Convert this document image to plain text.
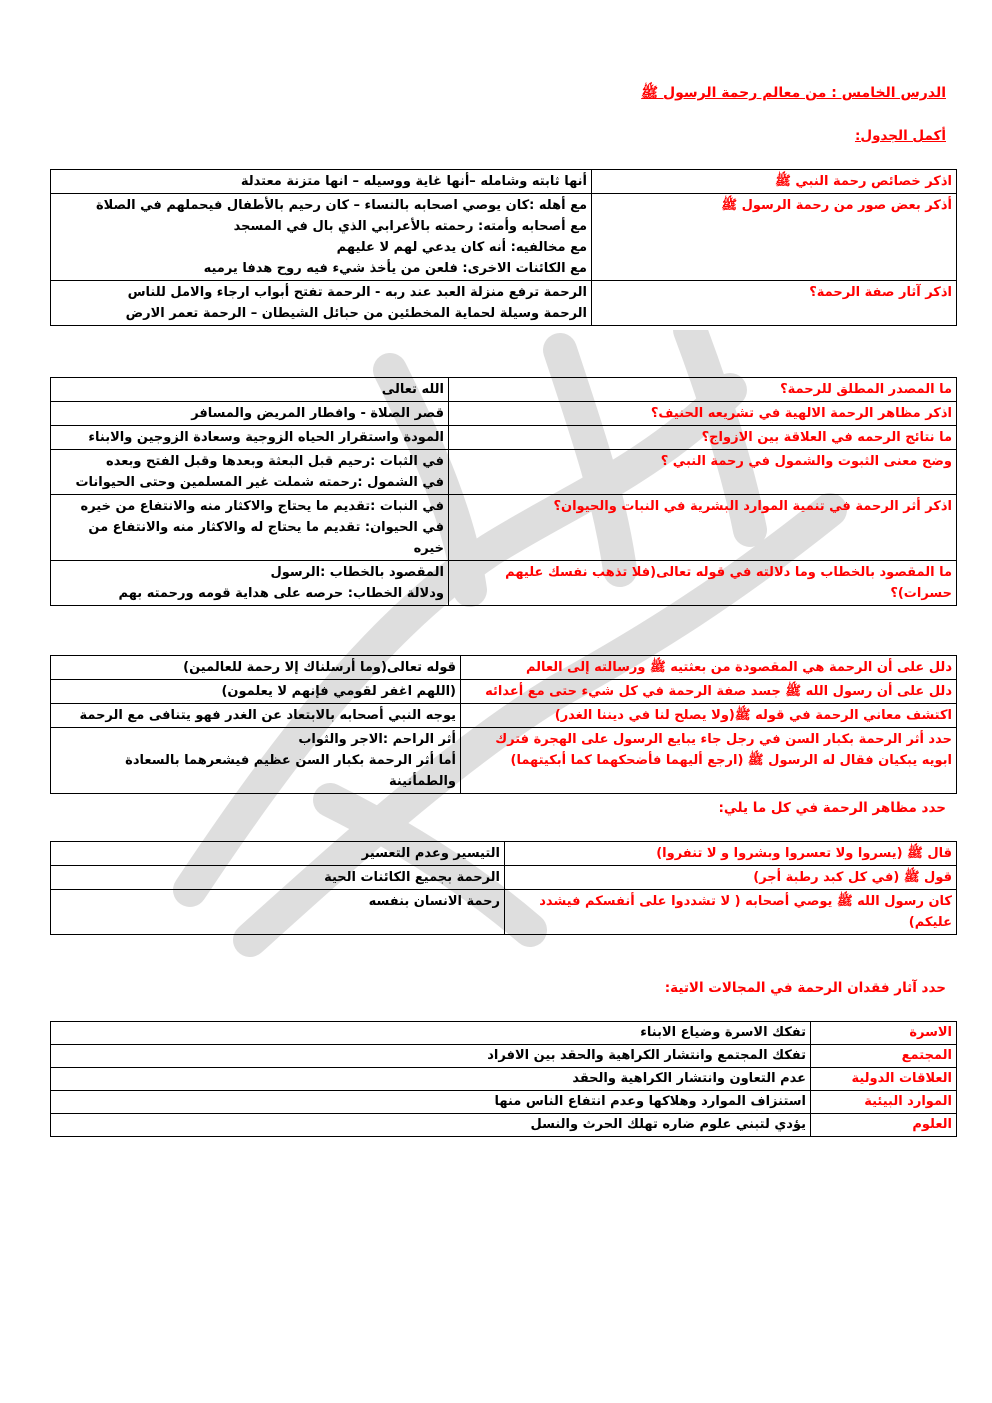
الدرس الخامس : من معالم رحمة الرسول ﷺ
أكمل الجدول:
اذكر خصائص رحمة النبي ﷺ	أنها ثابته وشامله –أنها غاية ووسيله – انها متزنة معتدلة

أذكر بعض صور من رحمة الرسول ﷺ	مع أهله :كان يوصي اصحابه بالنساء – كان رحيم بالأطفال فيحملهم في الصلاة
مع أصحابه وأمته: رحمته بالأعرابي الذي بال في المسجد
مع مخالفيه: أنه كان يدعي لهم لا عليهم
مع الكائنات الاخرى: فلعن من يأخذ شيء فيه روح هدفا يرميه

اذكر آثار صفة الرحمة؟	الرحمة ترفع منزلة العبد عند ربه - الرحمة تفتح أبواب ارجاء والامل للناس
الرحمة وسيلة لحماية المخطئين من حبائل الشيطان – الرحمة تعمر الارض
ما المصدر المطلق للرحمة؟	الله تعالى

اذكر مظاهر الرحمة الالهية في تشريعه الحنيف؟	قصر الصلاة - وافطار المريض والمسافر

ما نتائج الرحمه في العلاقة بين الازواج؟	المودة واستقرار الحياه الزوجية وسعادة الزوجين والابناء

وضح معنى الثبوت والشمول في رحمة النبي ؟	في الثبات :رحيم قبل البعثة وبعدها وقبل الفتح وبعده
في الشمول :رحمته شملت غير المسلمين وحتى الحيوانات

اذكر أثر الرحمة في تنمية الموارد البشرية في النبات والحيوان؟	في النبات :تقديم ما يحتاج والاكثار منه والانتفاع من خيره
في الحيوان: تقديم ما يحتاج له والاكثار منه والانتفاع من
خيره

ما المقصود بالخطاب وما دلالته في قوله تعالى(فلا تذهب نفسك عليهم
حسرات)؟	المقصود بالخطاب :الرسول
ودلالة الخطاب: حرصه على هداية قومه ورحمته بهم
دلل على أن الرحمة هي المقصودة من بعثتيه ﷺ ورسالته إلى العالم	قوله تعالى(وما أرسلناك إلا رحمة للعالمين)

دلل على أن رسول الله ﷺ جسد صفة الرحمة في كل شيء حتى مع أعدائه	(اللهم اغفر لقومي فإنهم لا يعلمون)

اكتشف معاني الرحمة في قوله ﷺ(ولا يصلح لنا في ديننا الغدر)	يوجه النبي أصحابه بالابتعاد عن الغدر فهو يتنافى مع الرحمة

حدد أثر الرحمة بكبار السن في رجل جاء يبايع الرسول على الهجرة فترك
ابويه يبكيان فقال له الرسول ﷺ (ارجع أليهما فأضحكهما كما أبكيتهما)	أثر الراحم :الاجر والثواب
أما أثر الرحمة بكبار السن عظيم فيشعرهما بالسعادة
والطمأنينة
حدد مظاهر الرحمة في كل ما يلي:
قال ﷺ (يسروا ولا تعسروا وبشروا و لا تنفروا)	التيسير وعدم التعسير

قول ﷺ (في كل كبد رطبة أجر)	الرحمة بجميع الكائنات الحية

كان رسول الله ﷺ يوصي أصحابه ( لا تشددوا على أنفسكم فيشدد
عليكم)	رحمة الانسان بنفسه
حدد آثار فقدان الرحمة في المجالات الاتية:
الاسرة	تفكك الاسرة وضياع الابناء
المجتمع	تفكك المجتمع وانتشار الكراهية والحقد بين الافراد
العلاقات الدولية	عدم التعاون وانتشار الكراهية والحقد
الموارد البيئية	استنزاف الموارد وهلاكها وعدم انتفاع الناس منها
العلوم	يؤدي لتبني علوم ضاره تهلك الحرث والنسل
